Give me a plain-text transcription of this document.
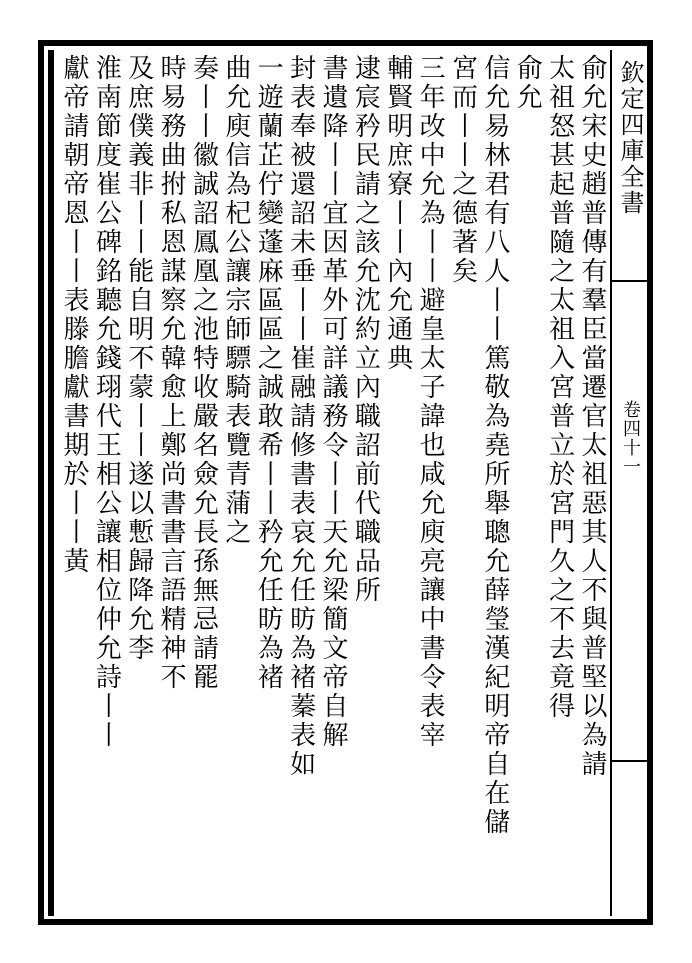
欽定四庫全書
卷四十一
俞允宋史趙普傳有羣臣當遷官太祖惡其人不與普堅以為請
太祖怒甚起普隨之太祖入宮普立於宮門久之不去竟得
俞允
信允易林君有八人丨丨篤敬為堯所舉聰允薛瑩漢紀明帝自在儲
宮而丨丨之德著矣
三年改中允為丨丨避皇太子諱也咸允庾亮讓中書令表宰
輔賢明庶寮丨丨內允通典
逮宸矜民請之該允沈約立內職詔前代職品所
書遺降丨丨宜因革外可詳議務令丨丨天允梁簡文帝自解
封表奉被還詔未垂丨丨崔融請修書表哀允任昉為褚蓁表如
一遊蘭芷佇變蓬麻區區之誠敢希丨丨矜允任昉為褚
曲允庾信為杞公讓宗師驃騎表覽青蒲之
奏丨丨徽誠詔鳳凰之池特收嚴名僉允長孫無忌請罷
時易務曲拊私恩謀察允韓愈上鄭尚書書言語精神不
及庶僕義非丨丨能自明不蒙丨丨遂以慙歸降允李
淮南節度崔公碑銘聽允錢珝代王相公讓相位仲允詩丨丨
獻帝請朝帝恩丨丨表滕膽獻書期於丨丨黃
